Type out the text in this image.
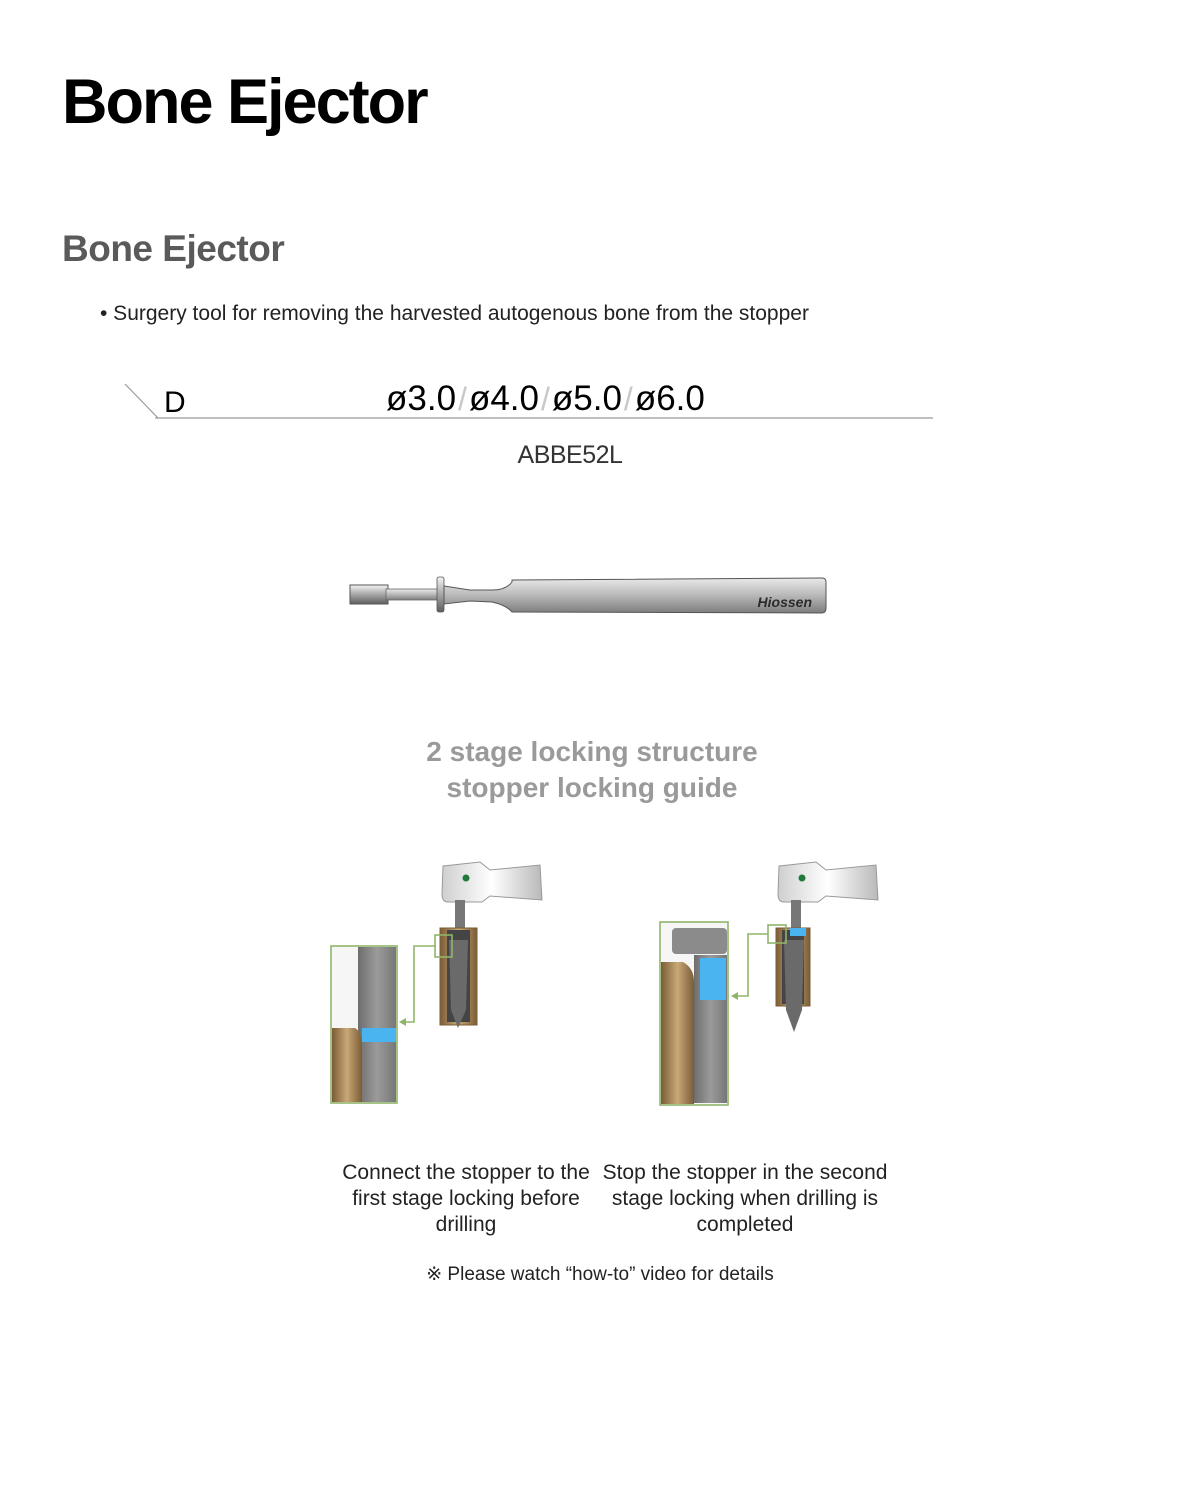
Bone Ejector
Bone Ejector
• Surgery tool for removing the harvested autogenous bone from the stopper
Hiossen
D	ø3.0/ø4.0/ø5.0/ø6.0
ABBE52L
2 stage locking structure
stopper locking guide
Connect the stopper to the first stage locking before drilling
Stop the stopper in the second stage locking when drilling is completed
※ Please watch “how-to” video for details
